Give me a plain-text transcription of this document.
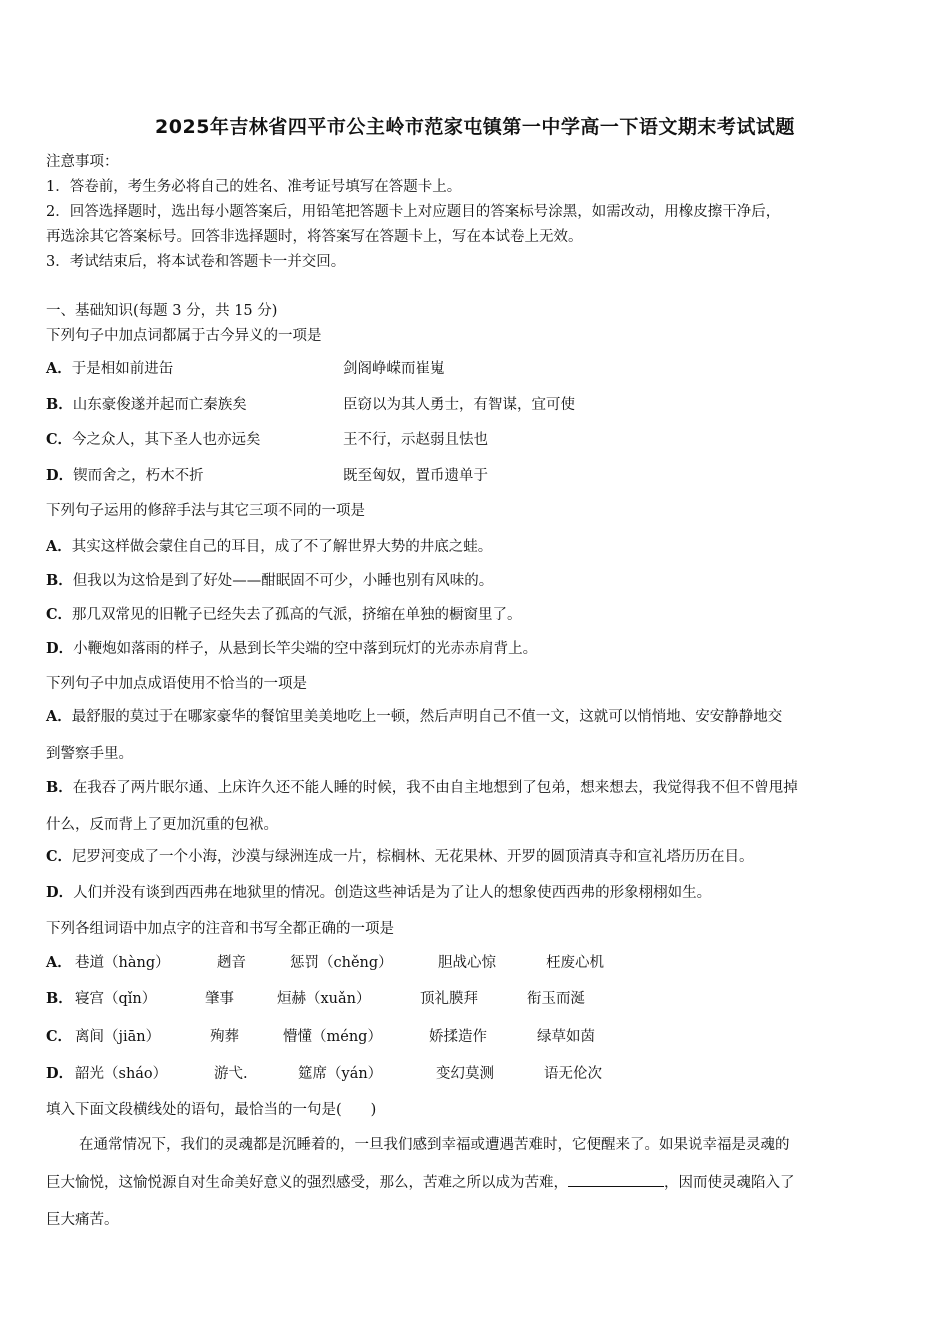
2025年吉林省四平市公主岭市范家屯镇第一中学高一下语文期末考试试题
注意事项：
1．答卷前，考生务必将自己的姓名、准考证号填写在答题卡上。
2．回答选择题时，选出每小题答案后，用铅笔把答题卡上对应题目的答案标号涂黑，如需改动，用橡皮擦干净后，
再选涂其它答案标号。回答非选择题时，将答案写在答题卡上，写在本试卷上无效。
3．考试结束后，将本试卷和答题卡一并交回。
一、基础知识(每题 3 分，共 15 分)
下列句子中加点词都属于古今异义的一项是
A．于是相如前进缶	剑阁峥嵘而崔嵬
B．山东豪俊遂并起而亡秦族矣	臣窃以为其人勇士，有智谋，宜可使
C．今之众人，其下圣人也亦远矣	王不行，示赵弱且怯也
D．锲而舍之，朽木不折	既至匈奴，置币遗单于
下列句子运用的修辞手法与其它三项不同的一项是
A．其实这样做会蒙住自己的耳目，成了不了解世界大势的井底之蛙。
B．但我以为这恰是到了好处——酣眠固不可少，小睡也别有风味的。
C．那几双常见的旧靴子已经失去了孤高的气派，挤缩在单独的橱窗里了。
D．小鞭炮如落雨的样子，从悬到长竿尖端的空中落到玩灯的光赤赤肩背上。
下列句子中加点成语使用不恰当的一项是
A．最舒服的莫过于在哪家豪华的餐馆里美美地吃上一顿，然后声明自己不值一文，这就可以悄悄地、安安静静地交
到警察手里。
B．在我吞了两片眠尔通、上床许久还不能人睡的时候，我不由自主地想到了包弟，想来想去，我觉得我不但不曾甩掉
什么，反而背上了更加沉重的包袱。
C．尼罗河变成了一个小海，沙漠与绿洲连成一片，棕榈林、无花果林、开罗的圆顶清真寺和宣礼塔历历在目。
D．人们并没有谈到西西弗在地狱里的情况。创造这些神话是为了让人的想象使西西弗的形象栩栩如生。
下列各组词语中加点字的注音和书写全都正确的一项是
A． 巷道（hàng）	趔音	惩罚（chěng）	胆战心惊	枉废心机
B． 寝宫（qǐn）	肇事	烜赫（xuǎn）	顶礼膜拜	衔玉而涎
C． 离间（jiān）	殉葬	懵懂（méng）	娇揉造作	绿草如茵
D． 韶光（sháo）	游弋.	筵席（yán）	变幻莫测	语无伦次
填入下面文段横线处的语句，最恰当的一句是(　　)
在通常情况下，我们的灵魂都是沉睡着的，一旦我们感到幸福或遭遇苦难时，它便醒来了。如果说幸福是灵魂的
巨大愉悦，这愉悦源自对生命美好意义的强烈感受，那么，苦难之所以成为苦难，	，因而使灵魂陷入了
巨大痛苦。
